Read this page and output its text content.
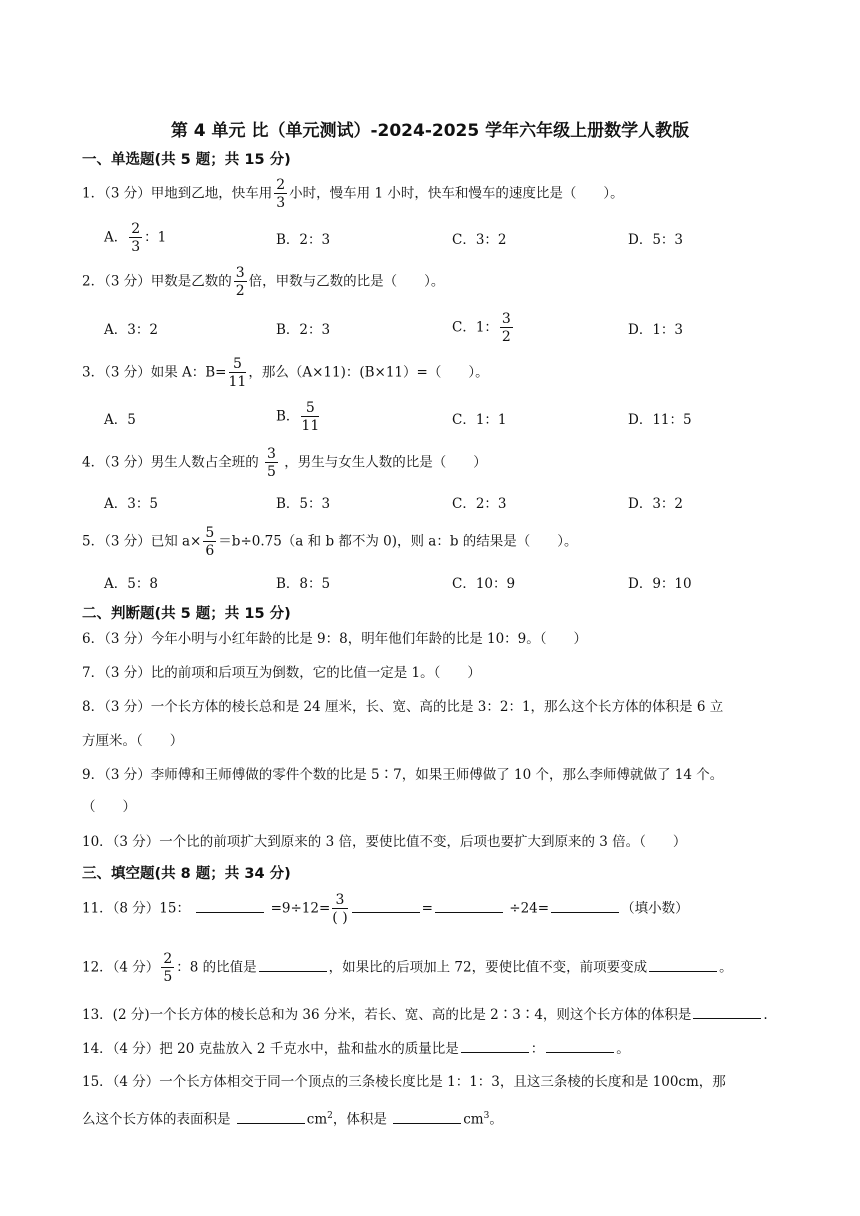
第 4 单元 比（单元测试）-2024-2025 学年六年级上册数学人教版
一、单选题(共 5 题；共 15 分)
1．（3 分）甲地到乙地，快车用 $\frac{2}{3}$ 小时，慢车用 1 小时，快车和慢车的速度比是（　　）。
A． $\frac{2}{3}$ ：1	B．2：3	C．3：2	D．5：3
2．（3 分）甲数是乙数的 $\frac{3}{2}$ 倍，甲数与乙数的比是（　　）。
A．3：2	B．2：3	C．1： $\frac{3}{2}$	D．1：3
3．（3 分）如果 A：$B= \frac{5}{11}$ ，那么（A×11)：(B×11）=（　　）。
A．5	B． $\frac{5}{11}$	C．1：1	D．11：5
4．（3 分）男生人数占全班的 $\frac{3}{5}$ ，男生与女生人数的比是（　　）
A．3：5	B．5：3	C．2：3	D．3：2
5．（3 分）已知 $a\times \frac{5}{6} =b\div 0.75(a$ 和 b 都不为 0)，则 a：b 的结果是（　　）。
A．5：8	B．8：5	C．10：9	D．9：10
二、判断题(共 5 题；共 15 分)
6．（3 分）今年小明与小红年龄的比是 9：8，明年他们年龄的比是 10：9。（　　）
7．（3 分）比的前项和后项互为倒数，它的比值一定是 1。（　　）
8．（3 分）一个长方体的棱长总和是 24 厘米，长、宽、高的比是 3：2：1，那么这个长方体的体积是 6 立
方厘米。（　　）
9．（3 分）李师傅和王师傅做的零件个数的比是 5∶7，如果王师傅做了 10 个，那么李师傅就做了 14 个。
（　　）
10．（3 分）一个比的前项扩大到原来的 3 倍，要使比值不变，后项也要扩大到原来的 3 倍。（　　）
三、填空题(共 8 题；共 34 分)
11．（8 分）15：	$=9\div 12= \frac{3}{( )}$	=	÷24=	（填小数）
12．（4 分） $\frac{2}{5}$ ：8 的比值是	，如果比的后项加上 72，要使比值不变，前项要变成	。
13．(2 分)一个长方体的棱长总和为 36 分米，若长、宽、高的比是 2∶3∶4，则这个长方体的体积是	.
14．（4 分）把 20 克盐放入 2 千克水中，盐和盐水的质量比是	：	。
15．（4 分）一个长方体相交于同一个顶点的三条棱长度比是 1：1：3，且这三条棱的长度和是 100cm，那
么这个长方体的表面积是	$cm^2$，体积是	$cm^3$。
